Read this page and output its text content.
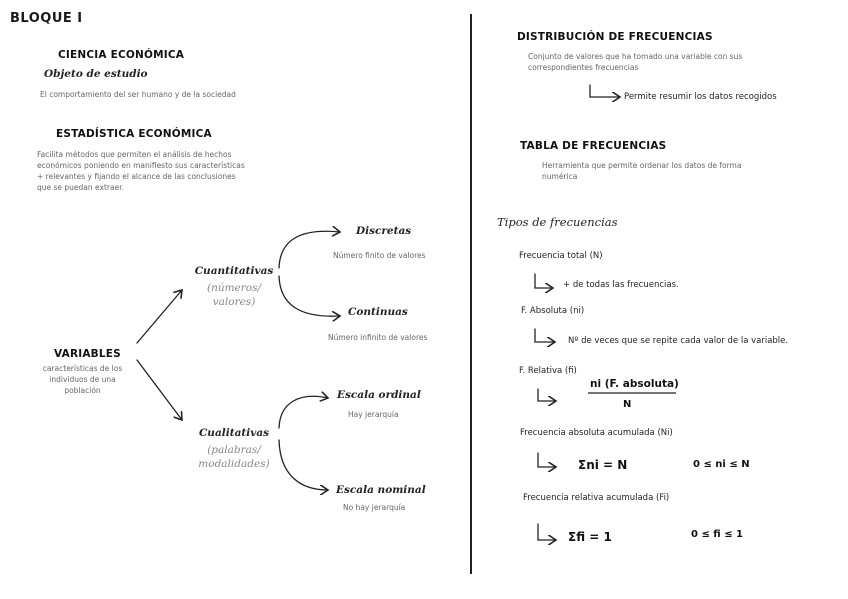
BLOQUE I
CIENCIA ECONÓMICA
Objeto de estudio
El comportamiento del ser humano y de la sociedad
ESTADÍSTICA ECONÓMICA
Facilita métodos que permiten el análisis de hechos
económicos poniendo en manifiesto sus características
+ relevantes y fijando el alcance de las conclusiones
que se puedan extraer.
VARIABLES
características de los
individuos de una
población
Cuantitativas
(números/
valores)
Cualitativas
(palabras/
modalidades)
Discretas
Número finito de valores
Continuas
Número infinito de valores
Escala ordinal
Hay jerarquía
Escala nominal
No hay jerarquía
DISTRIBUCIÓN DE FRECUENCIAS
Conjunto de valores que ha tomado una variable con sus
correspondientes frecuencias
Permite resumir los datos recogidos
TABLA DE FRECUENCIAS
Herramienta que permite ordenar los datos de forma
numérica
Tipos de frecuencias
Frecuencia total (N)
+ de todas las frecuencias.
F. Absoluta (ni)
Nº de veces que se repite cada valor de la variable.
F. Relativa (fi)
ni (F. absoluta)
N
Frecuencia absoluta acumulada (Ni)
Σni = N	0 ≤ ni ≤ N
Frecuencia relativa acumulada (Fi)
Σfi = 1	0 ≤ fi ≤ 1
